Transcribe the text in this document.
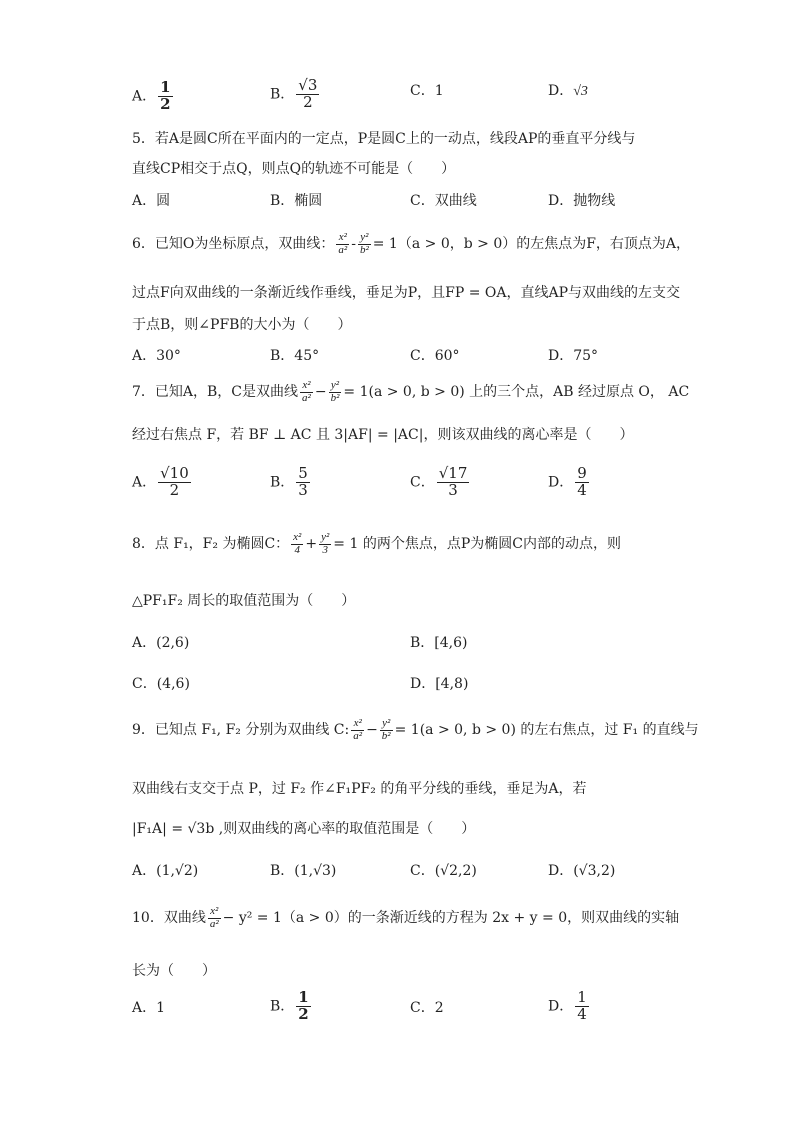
A． $\frac{1}{2}$	B． $\frac{√3}{2}$	C．1	D．√3
5．若A是圆C所在平面内的一定点，P是圆C上的一动点，线段AP的垂直平分线与
直线CP相交于点Q，则点Q的轨迹不可能是（　　）
A．圆	B．椭圆	C．双曲线	D．抛物线
6．已知O为坐标原点，双曲线： $\frac{\text{x²}}{\text{a²}} - \frac{\text{y²}}{\text{b²}} = 1(a > 0$，b > 0）的左焦点为F，右顶点为A，
过点F向双曲线的一条渐近线作垂线，垂足为P，且FP = OA，直线AP与双曲线的左支交
于点B，则∠PFB的大小为（　　）
A．30°	B．45°	C．60°	D．75°
7．已知A，B，C是双曲线 $\frac{\text{x²}}{\text{a²}} - \frac{\text{y²}}{\text{b²}} = 1(a > 0$, b > 0) 上的三个点，AB 经过原点 O， AC
经过右焦点 F，若 BF ⊥ AC 且 3|AF| = |AC|，则该双曲线的离心率是（　　）
A． $\frac{√10}{2}$	B． $\frac{5}{3}$	C． $\frac{√17}{3}$	D． $\frac{9}{4}$
8．点 F₁，F₂ 为椭圆C： $\frac{\text{x²}}{4} + \frac{\text{y²}}{3} = 1$ 的两个焦点，点P为椭圆C内部的动点，则
△PF₁F₂ 周长的取值范围为（　　）
A．(2,6)	B．[4,6)
C．(4,6)	D．[4,8)
9．已知点 F₁, F₂ 分别为双曲线 C: $\frac{\text{x²}}{\text{a²}} - \frac{\text{y²}}{\text{b²}} = 1(a > 0$, b > 0) 的左右焦点，过 F₁ 的直线与
双曲线右支交于点 P，过 F₂ 作∠F₁PF₂ 的角平分线的垂线，垂足为A，若
|F₁A| = √3b ,则双曲线的离心率的取值范围是（　　）
A．(1,√2)	B．(1,√3)	C．(√2,2)	D．(√3,2)
10．双曲线 $\frac{\text{x²}}{\text{a²}} - y^2 = 1(a > 0)$的一条渐近线的方程为 2x + y = 0，则双曲线的实轴
长为（　　）
A．1	B． $\frac{1}{2}$	C．2	D． $\frac{1}{4}$
